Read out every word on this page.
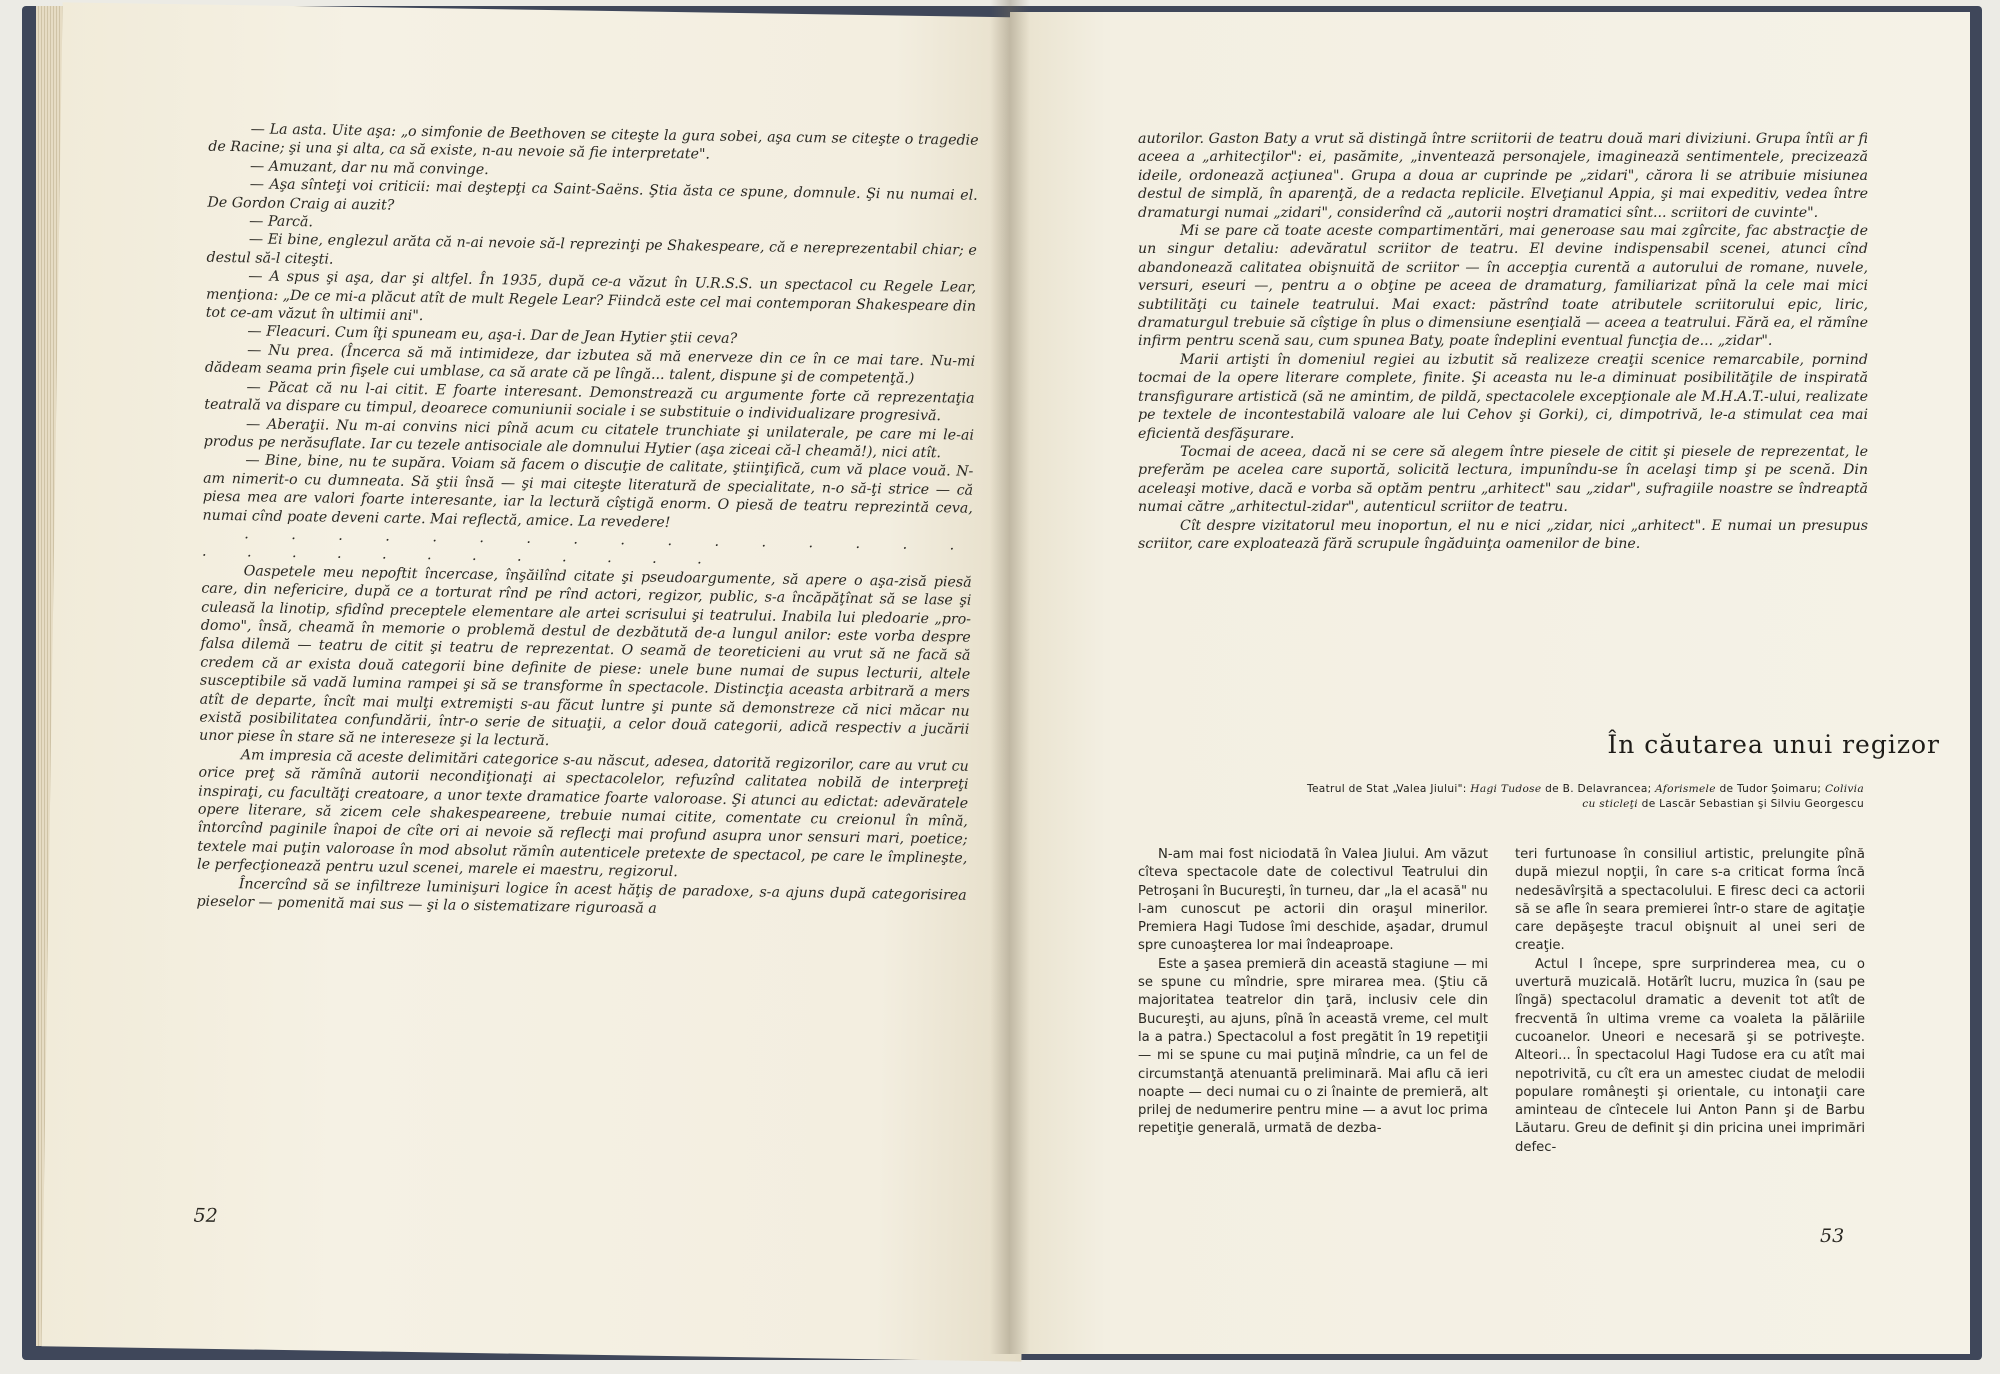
— La asta. Uite aşa: „o simfonie de Beethoven se citeşte la gura sobei, aşa cum se citeşte o tragedie de Racine; şi una şi alta, ca să existe, n-au nevoie să fie interpretate".

— Amuzant, dar nu mă convinge.

— Aşa sînteţi voi criticii: mai deştepţi ca Saint-Saëns. Ştia ăsta ce spune, domnule. Şi nu numai el. De Gordon Craig ai auzit?

— Parcă.

— Ei bine, englezul arăta că n-ai nevoie să-l reprezinţi pe Shakespeare, că e nereprezentabil chiar; e destul să-l citeşti.

— A spus şi aşa, dar şi altfel. În 1935, după ce-a văzut în U.R.S.S. un spectacol cu Regele Lear, menţiona: „De ce mi-a plăcut atît de mult Regele Lear? Fiindcă este cel mai contemporan Shakespeare din tot ce-am văzut în ultimii ani".

— Fleacuri. Cum îţi spuneam eu, aşa-i. Dar de Jean Hytier ştii ceva?

— Nu prea. (Încerca să mă intimideze, dar izbutea să mă enerveze din ce în ce mai tare. Nu-mi dădeam seama prin fişele cui umblase, ca să arate că pe lîngă... talent, dispune şi de competenţă.)

— Păcat că nu l-ai citit. E foarte interesant. Demonstrează cu argumente forte că reprezentaţia teatrală va dispare cu timpul, deoarece comuniunii sociale i se substituie o individualizare progresivă.

— Aberaţii. Nu m-ai convins nici pînă acum cu citatele trunchiate şi unilaterale, pe care mi le-ai produs pe nerăsuflate. Iar cu tezele antisociale ale domnului Hytier (aşa ziceai că-l cheamă!), nici atît.

— Bine, bine, nu te supăra. Voiam să facem o discuţie de calitate, ştiinţifică, cum vă place vouă. N-am nimerit-o cu dumneata. Să ştii însă — şi mai citeşte literatură de specialitate, n-o să-ţi strice — că piesa mea are valori foarte interesante, iar la lectură cîştigă enorm. O piesă de teatru reprezintă ceva, numai cînd poate deveni carte. Mai reflectă, amice. La revedere!

. . . . . . . . . . . . . . . . . . . . . . . . . . . .

Oaspetele meu nepoftit încercase, înşăilînd citate şi pseudoargumente, să apere o aşa-zisă piesă care, din nefericire, după ce a torturat rînd pe rînd actori, regizor, public, s-a încăpăţînat să se lase şi culeasă la linotip, sfidînd preceptele elementare ale artei scrisului şi teatrului. Inabila lui pledoarie „pro-domo", însă, cheamă în memorie o problemă destul de dezbătută de-a lungul anilor: este vorba despre falsa dilemă — teatru de citit şi teatru de reprezentat. O seamă de teoreticieni au vrut să ne facă să credem că ar exista două categorii bine definite de piese: unele bune numai de supus lecturii, altele susceptibile să vadă lumina rampei şi să se transforme în spectacole. Distincţia aceasta arbitrară a mers atît de departe, încît mai mulţi extremişti s-au făcut luntre şi punte să demonstreze că nici măcar nu există posibilitatea confundării, într-o serie de situaţii, a celor două categorii, adică respectiv a jucării unor piese în stare să ne intereseze şi la lectură.

Am impresia că aceste delimitări categorice s-au născut, adesea, datorită regizorilor, care au vrut cu orice preţ să rămînă autorii necondiţionaţi ai spectacolelor, refuzînd calitatea nobilă de interpreţi inspiraţi, cu facultăţi creatoare, a unor texte dramatice foarte valoroase. Şi atunci au edictat: adevăratele opere literare, să zicem cele shakespeareene, trebuie numai citite, comentate cu creionul în mînă, întorcînd paginile înapoi de cîte ori ai nevoie să reflecţi mai profund asupra unor sensuri mari, poetice; textele mai puţin valoroase în mod absolut rămîn autenticele pretexte de spectacol, pe care le împlineşte, le perfecţionează pentru uzul scenei, marele ei maestru, regizorul.

Încercînd să se infiltreze luminişuri logice în acest hăţiş de paradoxe, s-a ajuns după categorisirea pieselor — pomenită mai sus — şi la o sistematizare riguroasă a

52

autorilor. Gaston Baty a vrut să distingă între scriitorii de teatru două mari diviziuni. Grupa întîi ar fi aceea a „arhitecţilor": ei, pasămite, „inventează personajele, imaginează sentimentele, precizează ideile, ordonează acţiunea". Grupa a doua ar cuprinde pe „zidari", cărora li se atribuie misiunea destul de simplă, în aparenţă, de a redacta replicile. Elveţianul Appia, şi mai expeditiv, vedea între dramaturgi numai „zidari", considerînd că „autorii noştri dramatici sînt... scriitori de cuvinte".

Mi se pare că toate aceste compartimentări, mai generoase sau mai zgîrcite, fac abstracţie de un singur detaliu: adevăratul scriitor de teatru. El devine indispensabil scenei, atunci cînd abandonează calitatea obişnuită de scriitor — în accepţia curentă a autorului de romane, nuvele, versuri, eseuri —, pentru a o obţine pe aceea de dramaturg, familiarizat pînă la cele mai mici subtilităţi cu tainele teatrului. Mai exact: păstrînd toate atributele scriitorului epic, liric, dramaturgul trebuie să cîştige în plus o dimensiune esenţială — aceea a teatrului. Fără ea, el rămîne infirm pentru scenă sau, cum spunea Baty, poate îndeplini eventual funcţia de... „zidar".

Marii artişti în domeniul regiei au izbutit să realizeze creaţii scenice remarcabile, pornind tocmai de la opere literare complete, finite. Şi aceasta nu le-a diminuat posibilităţile de inspirată transfigurare artistică (să ne amintim, de pildă, spectacolele excepţionale ale M.H.A.T.-ului, realizate pe textele de incontestabilă valoare ale lui Cehov şi Gorki), ci, dimpotrivă, le-a stimulat cea mai eficientă desfăşurare.

Tocmai de aceea, dacă ni se cere să alegem între piesele de citit şi piesele de reprezentat, le preferăm pe acelea care suportă, solicită lectura, impunîndu-se în acelaşi timp şi pe scenă. Din aceleaşi motive, dacă e vorba să optăm pentru „arhitect" sau „zidar", sufragiile noastre se îndreaptă numai către „arhitectul-zidar", autenticul scriitor de teatru.

Cît despre vizitatorul meu inoportun, el nu e nici „zidar, nici „arhitect". E numai un presupus scriitor, care exploatează fără scrupule îngăduinţa oamenilor de bine.

În căutarea unui regizor
Teatrul de Stat „Valea Jiului": Hagi Tudose de B. Delavrancea; Aforismele de Tudor Şoimaru; Colivia
cu sticleţi de Lascăr Sebastian şi Silviu Georgescu

N-am mai fost niciodată în Valea Jiului. Am văzut cîteva spectacole date de colectivul Teatrului din Petroşani în Bucureşti, în turneu, dar „la el acasă" nu l-am cunoscut pe actorii din oraşul minerilor. Premiera Hagi Tudose îmi deschide, aşadar, drumul spre cunoaşterea lor mai îndeaproape.

Este a şasea premieră din această stagiune — mi se spune cu mîndrie, spre mirarea mea. (Ştiu că majoritatea teatrelor din ţară, inclusiv cele din Bucureşti, au ajuns, pînă în această vreme, cel mult la a patra.) Spectacolul a fost pregătit în 19 repetiţii — mi se spune cu mai puţină mîndrie, ca un fel de circumstanţă atenuantă preliminară. Mai aflu că ieri noapte — deci numai cu o zi înainte de premieră, alt prilej de nedumerire pentru mine — a avut loc prima repetiţie generală, urmată de dezba-

teri furtunoase în consiliul artistic, prelungite pînă după miezul nopţii, în care s-a criticat forma încă nedesăvîrşită a spectacolului. E firesc deci ca actorii să se afle în seara premierei într-o stare de agitaţie care depăşeşte tracul obişnuit al unei seri de creaţie.

Actul I începe, spre surprinderea mea, cu o uvertură muzicală. Hotărît lucru, muzica în (sau pe lîngă) spectacolul dramatic a devenit tot atît de frecventă în ultima vreme ca voaleta la pălăriile cucoanelor. Uneori e necesară şi se potriveşte. Alteori... În spectacolul Hagi Tudose era cu atît mai nepotrivită, cu cît era un amestec ciudat de melodii populare româneşti şi orientale, cu intonaţii care aminteau de cîntecele lui Anton Pann şi de Barbu Lăutaru. Greu de definit şi din pricina unei imprimări defec-

53
